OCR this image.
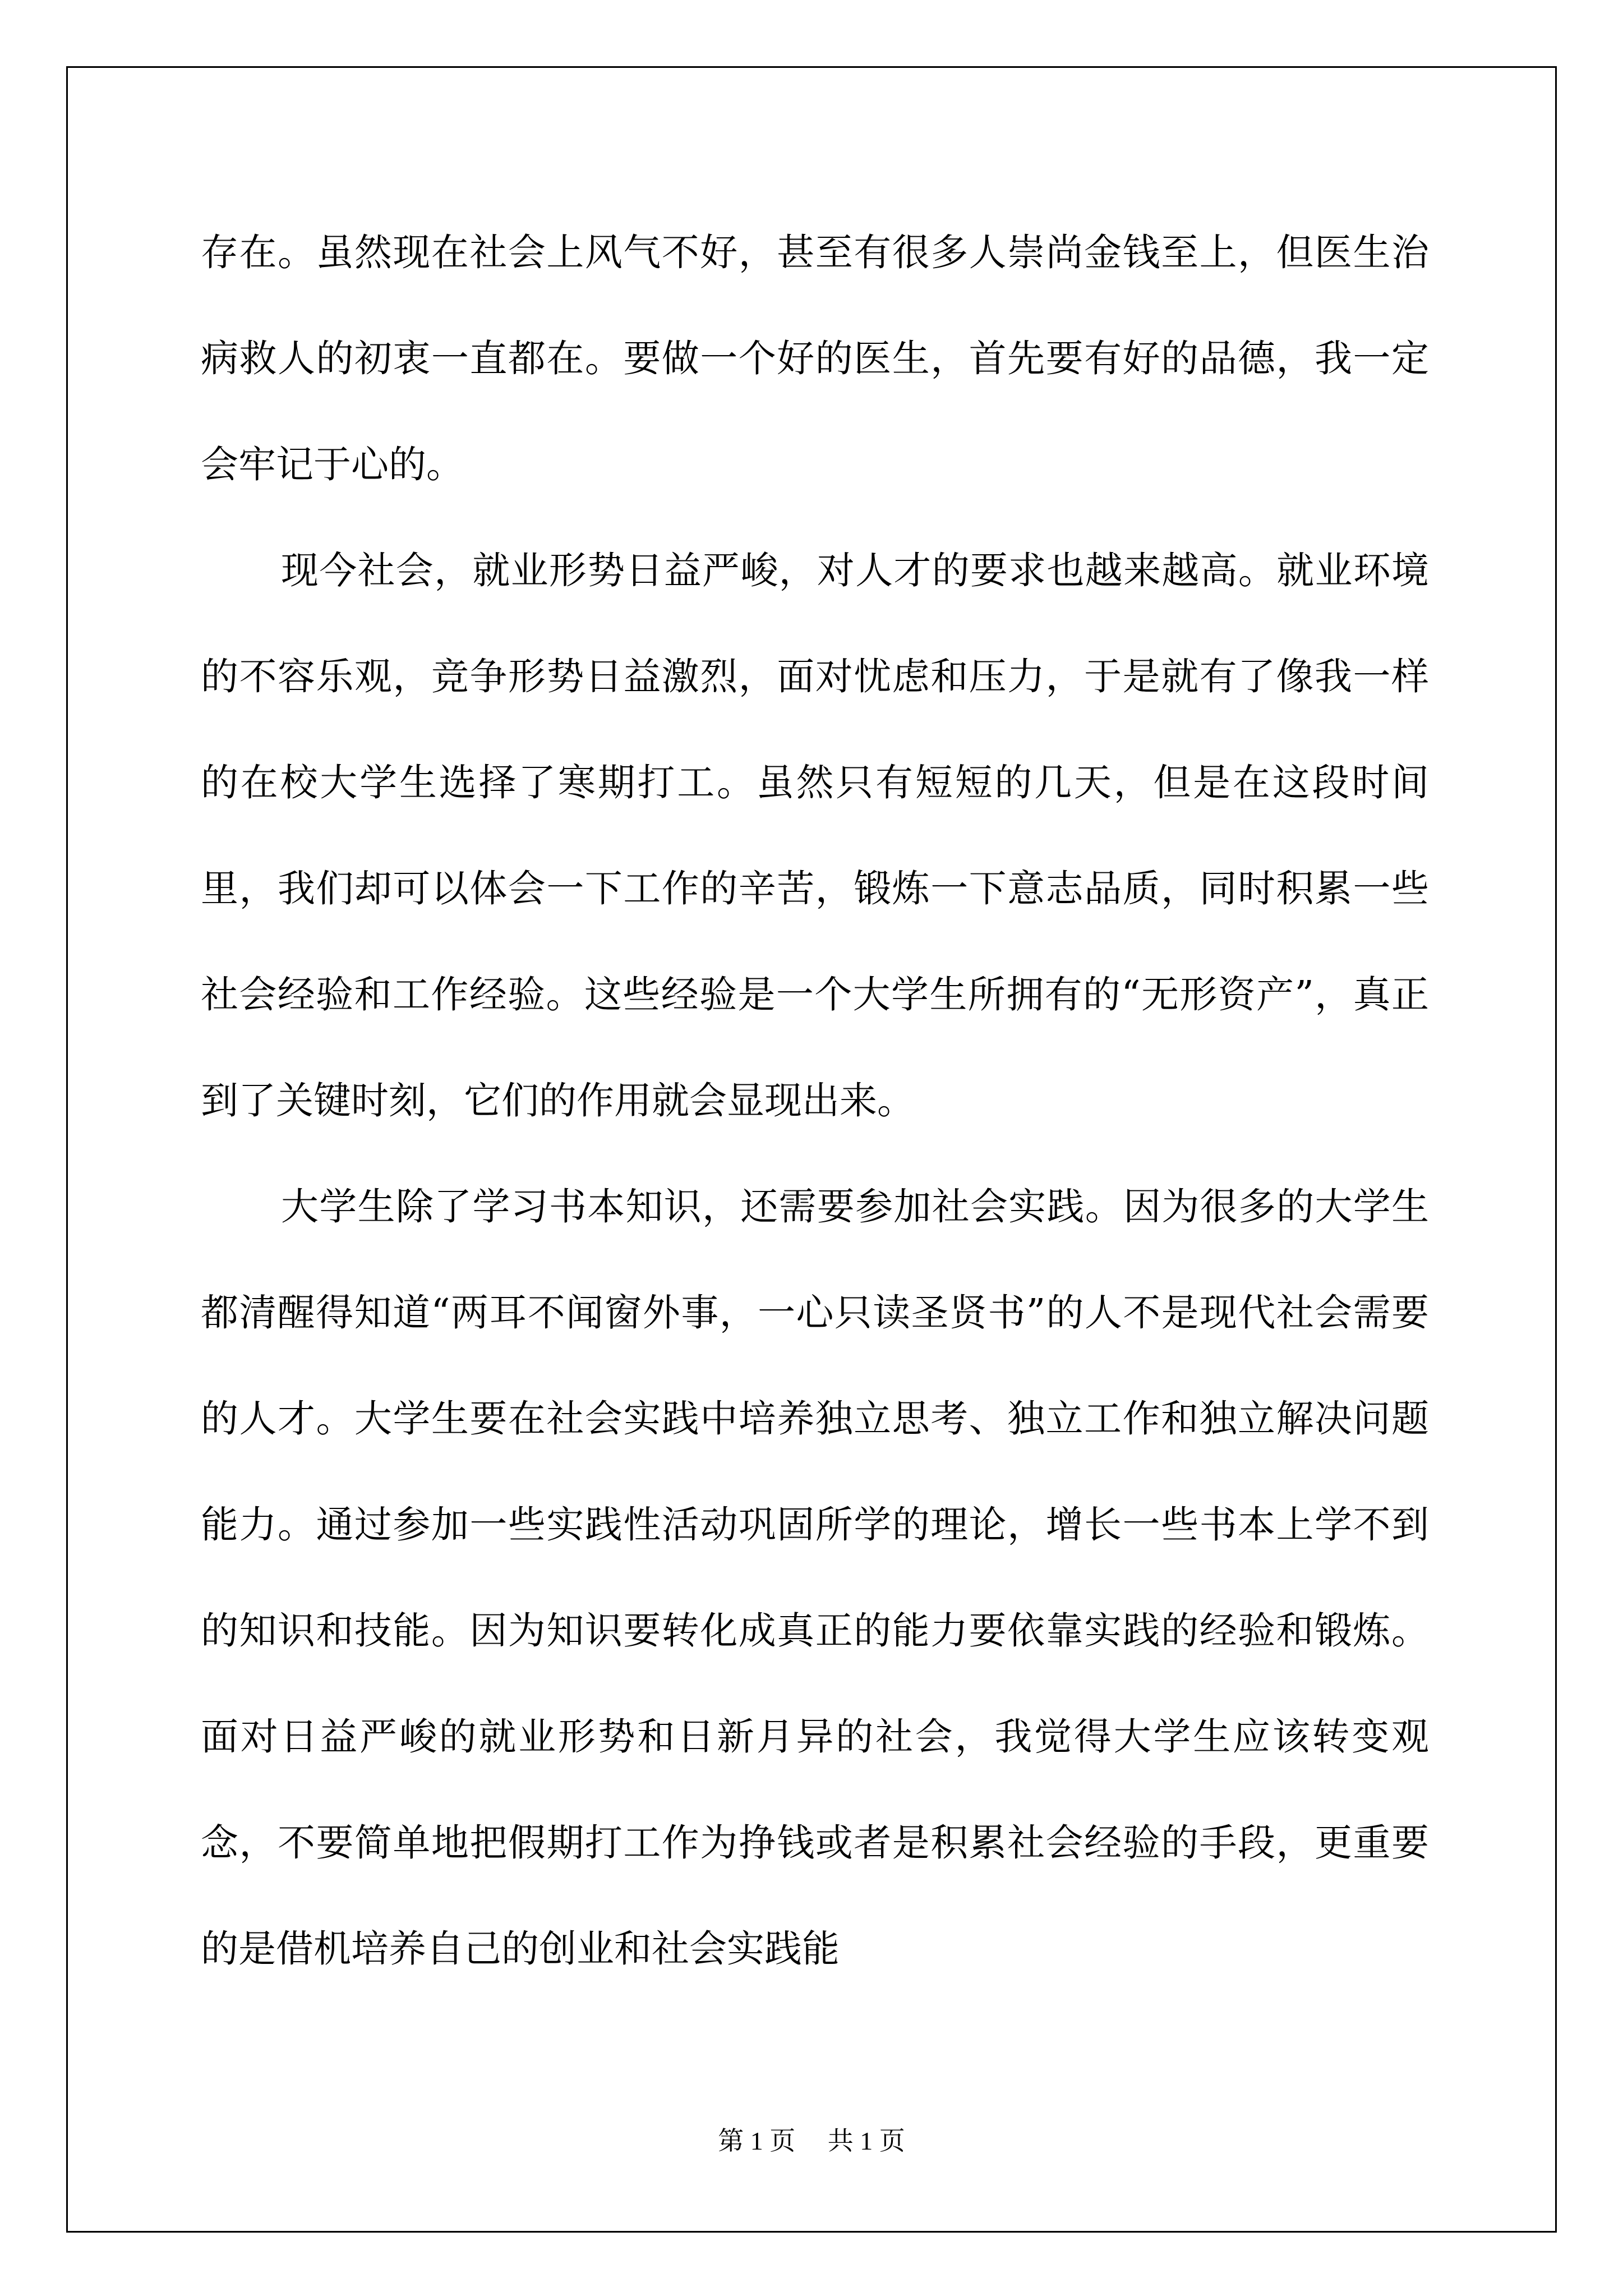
存在。虽然现在社会上风气不好，甚至有很多人崇尚金钱至上，但医生治病救人的初衷一直都在。要做一个好的医生，首先要有好的品德，我一定会牢记于心的。

现今社会，就业形势日益严峻，对人才的要求也越来越高。就业环境的不容乐观，竞争形势日益激烈，面对忧虑和压力，于是就有了像我一样的在校大学生选择了寒期打工。虽然只有短短的几天，但是在这段时间里，我们却可以体会一下工作的辛苦，锻炼一下意志品质，同时积累一些社会经验和工作经验。这些经验是一个大学生所拥有的“无形资产”，真正到了关键时刻，它们的作用就会显现出来。

大学生除了学习书本知识，还需要参加社会实践。因为很多的大学生都清醒得知道“两耳不闻窗外事，一心只读圣贤书”的人不是现代社会需要的人才。大学生要在社会实践中培养独立思考、独立工作和独立解决问题能力。通过参加一些实践性活动巩固所学的理论，增长一些书本上学不到的知识和技能。因为知识要转化成真正的能力要依靠实践的经验和锻炼。面对日益严峻的就业形势和日新月异的社会，我觉得大学生应该转变观念，不要简单地把假期打工作为挣钱或者是积累社会经验的手段，更重要的是借机培养自己的创业和社会实践能

第 1 页　 共 1 页
